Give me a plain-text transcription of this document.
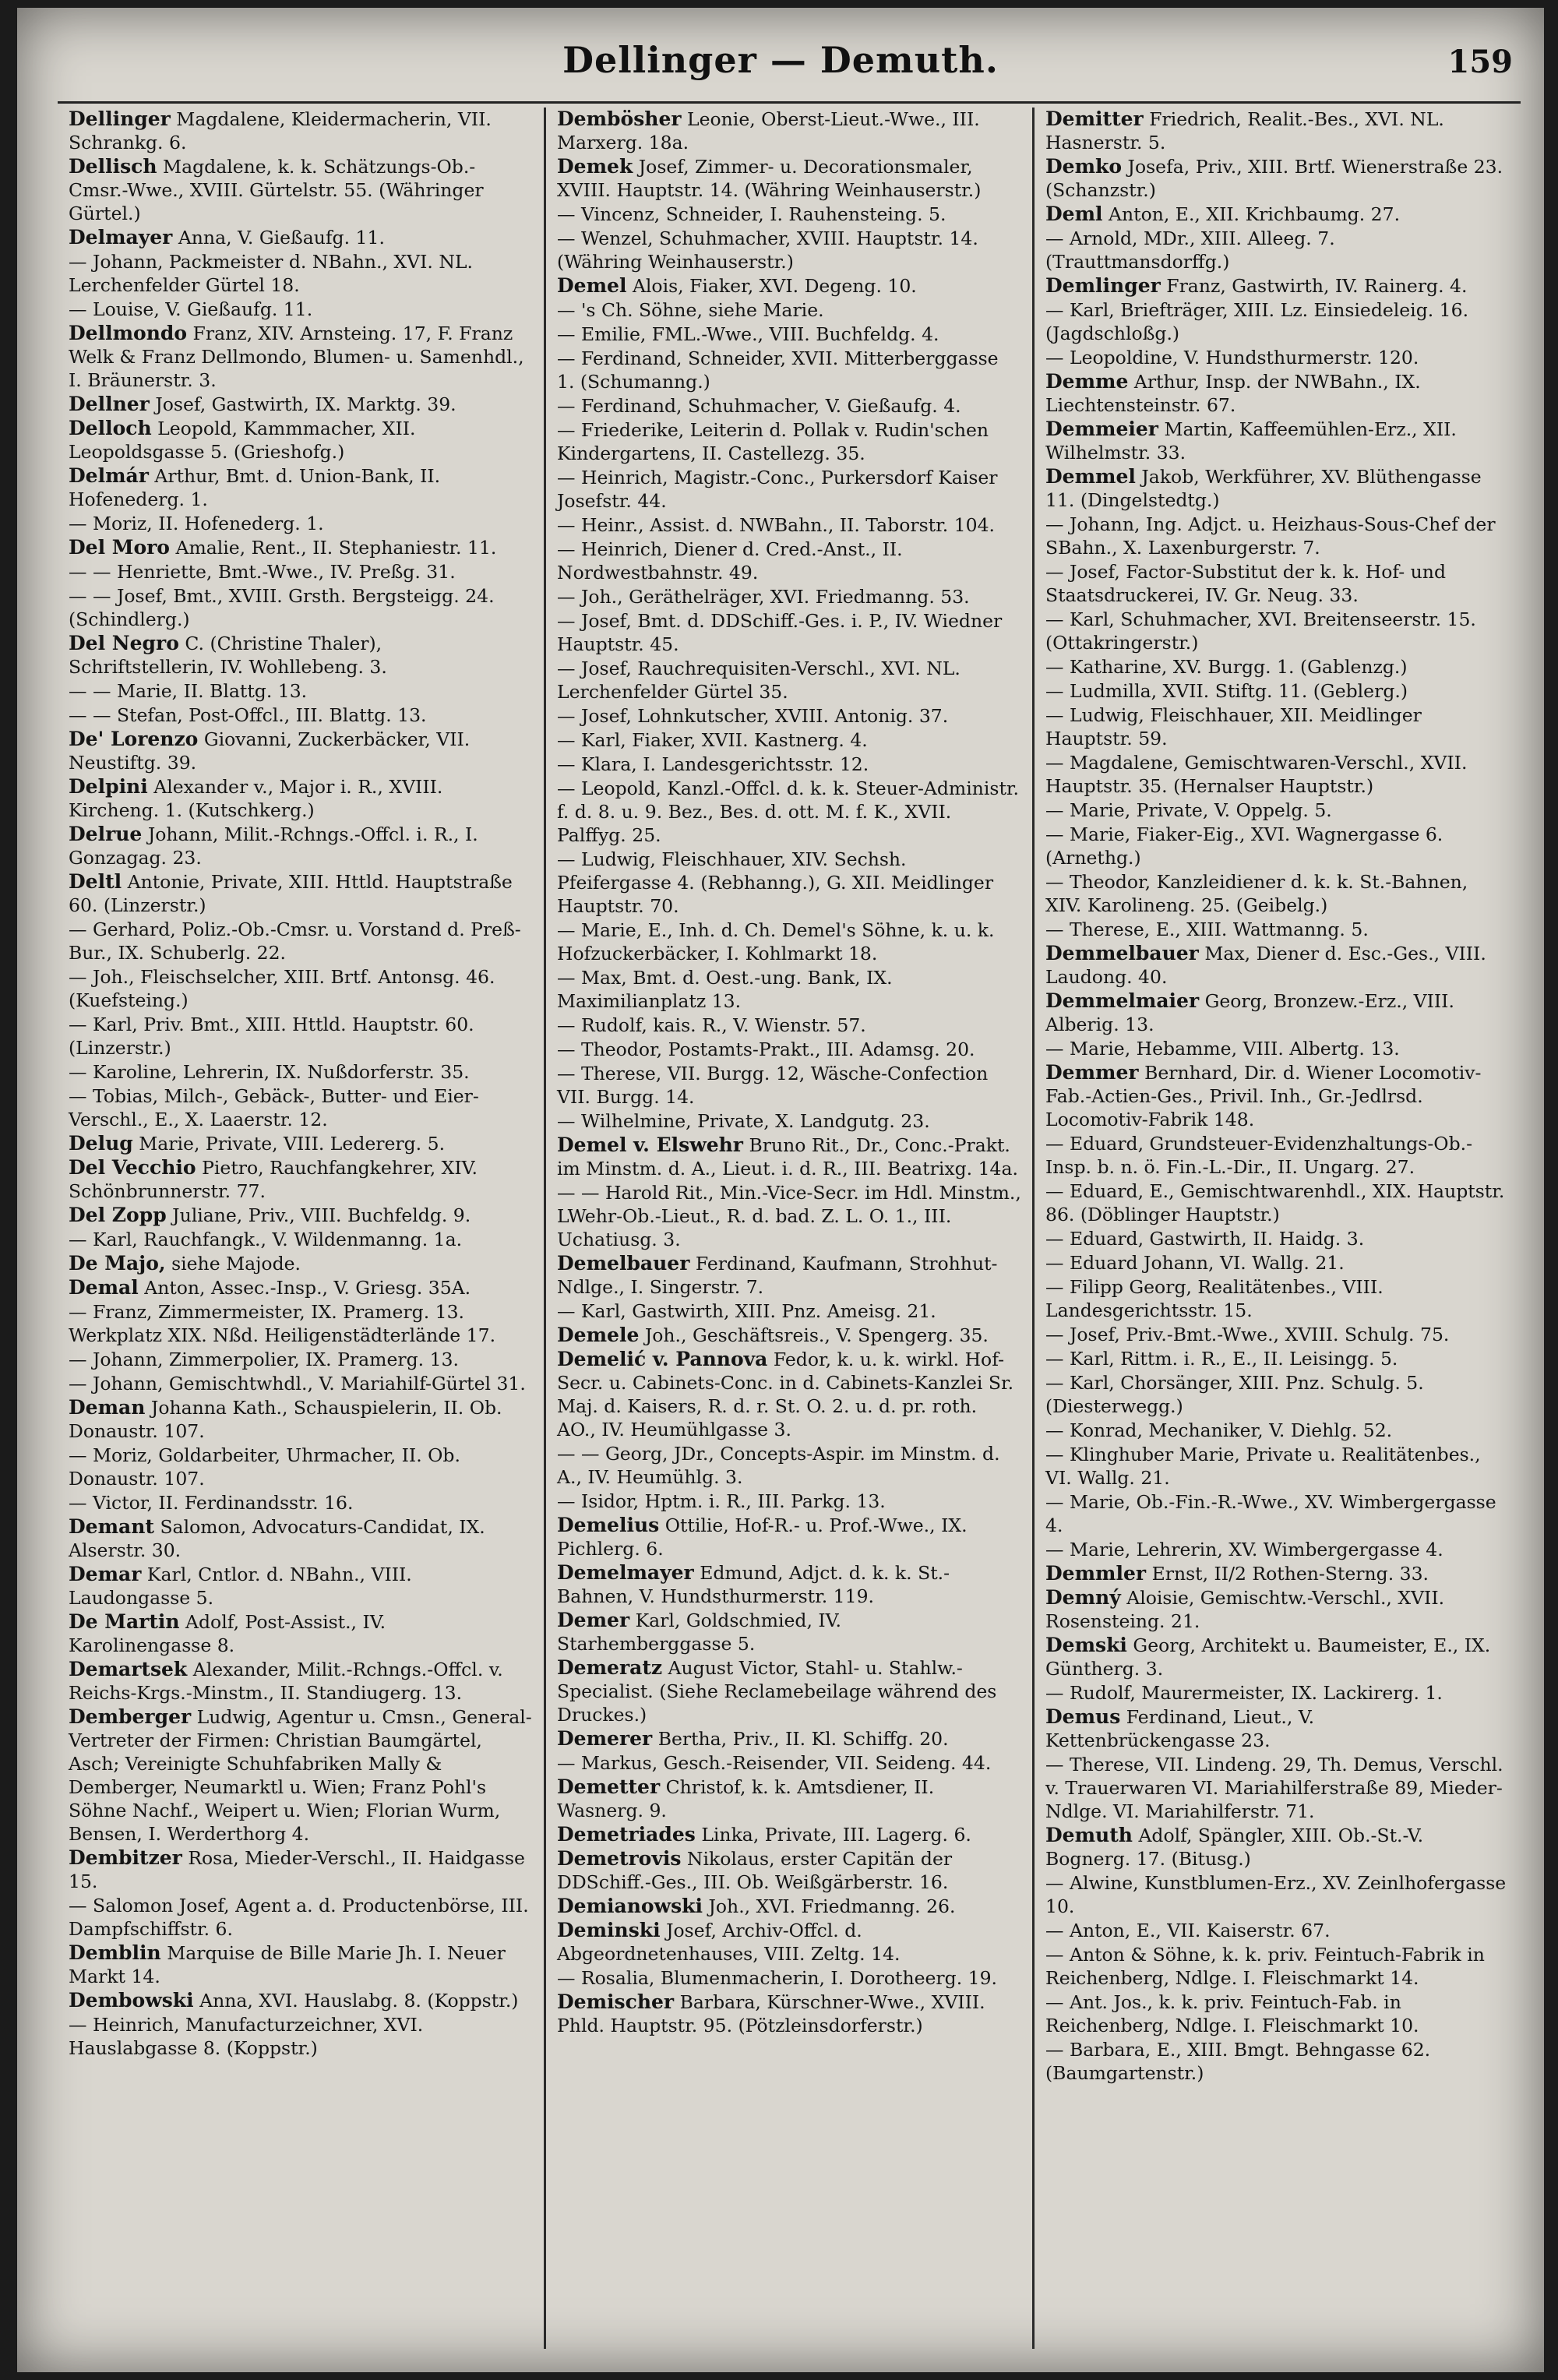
Dellinger — Demuth.	159
Dellinger Magdalene, Kleidermacherin, VII. Schrankg. 6.
Dellisch Magdalene, k. k. Schätzungs-Ob.-Cmsr.-Wwe., XVIII. Gürtelstr. 55. (Währinger Gürtel.)
Delmayer Anna, V. Gießaufg. 11.
— Johann, Packmeister d. NBahn., XVI. NL. Lerchenfelder Gürtel 18.
— Louise, V. Gießaufg. 11.
Dellmondo Franz, XIV. Arnsteing. 17, F. Franz Welk & Franz Dellmondo, Blumen- u. Samenhdl., I. Bräunerstr. 3.
Dellner Josef, Gastwirth, IX. Marktg. 39.
Delloch Leopold, Kammmacher, XII. Leopoldsgasse 5. (Grieshofg.)
Delmár Arthur, Bmt. d. Union-Bank, II. Hofenederg. 1.
— Moriz, II. Hofenederg. 1.
Del Moro Amalie, Rent., II. Stephaniestr. 11.
— — Henriette, Bmt.-Wwe., IV. Preßg. 31.
— — Josef, Bmt., XVIII. Grsth. Bergsteigg. 24. (Schindlerg.)
Del Negro C. (Christine Thaler), Schriftstellerin, IV. Wohllebeng. 3.
— — Marie, II. Blattg. 13.
— — Stefan, Post-Offcl., III. Blattg. 13.
De' Lorenzo Giovanni, Zuckerbäcker, VII. Neustiftg. 39.
Delpini Alexander v., Major i. R., XVIII. Kircheng. 1. (Kutschkerg.)
Delrue Johann, Milit.-Rchngs.-Offcl. i. R., I. Gonzagag. 23.
Deltl Antonie, Private, XIII. Httld. Hauptstraße 60. (Linzerstr.)
— Gerhard, Poliz.-Ob.-Cmsr. u. Vorstand d. Preß-Bur., IX. Schuberlg. 22.
— Joh., Fleischselcher, XIII. Brtf. Antonsg. 46. (Kuefsteing.)
— Karl, Priv. Bmt., XIII. Httld. Hauptstr. 60. (Linzerstr.)
— Karoline, Lehrerin, IX. Nußdorferstr. 35.
— Tobias, Milch-, Gebäck-, Butter- und Eier-Verschl., E., X. Laaerstr. 12.
Delug Marie, Private, VIII. Ledererg. 5.
Del Vecchio Pietro, Rauchfangkehrer, XIV. Schönbrunnerstr. 77.
Del Zopp Juliane, Priv., VIII. Buchfeldg. 9.
— Karl, Rauchfangk., V. Wildenmanng. 1a.
De Majo, siehe Majode.
Demal Anton, Assec.-Insp., V. Griesg. 35A.
— Franz, Zimmermeister, IX. Pramerg. 13. Werkplatz XIX. Nßd. Heiligenstädterlände 17.
— Johann, Zimmerpolier, IX. Pramerg. 13.
— Johann, Gemischtwhdl., V. Mariahilf-Gürtel 31.
Deman Johanna Kath., Schauspielerin, II. Ob. Donaustr. 107.
— Moriz, Goldarbeiter, Uhrmacher, II. Ob. Donaustr. 107.
— Victor, II. Ferdinandsstr. 16.
Demant Salomon, Advocaturs-Candidat, IX. Alserstr. 30.
Demar Karl, Cntlor. d. NBahn., VIII. Laudongasse 5.
De Martin Adolf, Post-Assist., IV. Karolinengasse 8.
Demartsek Alexander, Milit.-Rchngs.-Offcl. v. Reichs-Krgs.-Minstm., II. Standiugerg. 13.
Demberger Ludwig, Agentur u. Cmsn., General-Vertreter der Firmen: Christian Baumgärtel, Asch; Vereinigte Schuhfabriken Mally & Demberger, Neumarktl u. Wien; Franz Pohl's Söhne Nachf., Weipert u. Wien; Florian Wurm, Bensen, I. Werderthorg 4.
Dembitzer Rosa, Mieder-Verschl., II. Haidgasse 15.
— Salomon Josef, Agent a. d. Productenbörse, III. Dampfschiffstr. 6.
Demblin Marquise de Bille Marie Jh. I. Neuer Markt 14.
Dembowski Anna, XVI. Hauslabg. 8. (Koppstr.)
— Heinrich, Manufacturzeichner, XVI. Hauslabgasse 8. (Koppstr.)
Dembösher Leonie, Oberst-Lieut.-Wwe., III. Marxerg. 18a.
Demek Josef, Zimmer- u. Decorationsmaler, XVIII. Hauptstr. 14. (Währing Weinhauserstr.)
— Vincenz, Schneider, I. Rauhensteing. 5.
— Wenzel, Schuhmacher, XVIII. Hauptstr. 14. (Währing Weinhauserstr.)
Demel Alois, Fiaker, XVI. Degeng. 10.
— 's Ch. Söhne, siehe Marie.
— Emilie, FML.-Wwe., VIII. Buchfeldg. 4.
— Ferdinand, Schneider, XVII. Mitterberggasse 1. (Schumanng.)
— Ferdinand, Schuhmacher, V. Gießaufg. 4.
— Friederike, Leiterin d. Pollak v. Rudin'schen Kindergartens, II. Castellezg. 35.
— Heinrich, Magistr.-Conc., Purkersdorf Kaiser Josefstr. 44.
— Heinr., Assist. d. NWBahn., II. Taborstr. 104.
— Heinrich, Diener d. Cred.-Anst., II. Nordwestbahnstr. 49.
— Joh., Geräthelräger, XVI. Friedmanng. 53.
— Josef, Bmt. d. DDSchiff.-Ges. i. P., IV. Wiedner Hauptstr. 45.
— Josef, Rauchrequisiten-Verschl., XVI. NL. Lerchenfelder Gürtel 35.
— Josef, Lohnkutscher, XVIII. Antonig. 37.
— Karl, Fiaker, XVII. Kastnerg. 4.
— Klara, I. Landesgerichtsstr. 12.
— Leopold, Kanzl.-Offcl. d. k. k. Steuer-Administr. f. d. 8. u. 9. Bez., Bes. d. ott. M. f. K., XVII. Palffyg. 25.
— Ludwig, Fleischhauer, XIV. Sechsh. Pfeifergasse 4. (Rebhanng.), G. XII. Meidlinger Hauptstr. 70.
— Marie, E., Inh. d. Ch. Demel's Söhne, k. u. k. Hofzuckerbäcker, I. Kohlmarkt 18.
— Max, Bmt. d. Oest.-ung. Bank, IX. Maximilianplatz 13.
— Rudolf, kais. R., V. Wienstr. 57.
— Theodor, Postamts-Prakt., III. Adamsg. 20.
— Therese, VII. Burgg. 12, Wäsche-Confection VII. Burgg. 14.
— Wilhelmine, Private, X. Landgutg. 23.
Demel v. Elswehr Bruno Rit., Dr., Conc.-Prakt. im Minstm. d. A., Lieut. i. d. R., III. Beatrixg. 14a.
— — Harold Rit., Min.-Vice-Secr. im Hdl. Minstm., LWehr-Ob.-Lieut., R. d. bad. Z. L. O. 1., III. Uchatiusg. 3.
Demelbauer Ferdinand, Kaufmann, Strohhut-Ndlge., I. Singerstr. 7.
— Karl, Gastwirth, XIII. Pnz. Ameisg. 21.
Demele Joh., Geschäftsreis., V. Spengerg. 35.
Demelić v. Pannova Fedor, k. u. k. wirkl. Hof-Secr. u. Cabinets-Conc. in d. Cabinets-Kanzlei Sr. Maj. d. Kaisers, R. d. r. St. O. 2. u. d. pr. roth. AO., IV. Heumühlgasse 3.
— — Georg, JDr., Concepts-Aspir. im Minstm. d. A., IV. Heumühlg. 3.
— Isidor, Hptm. i. R., III. Parkg. 13.
Demelius Ottilie, Hof-R.- u. Prof.-Wwe., IX. Pichlerg. 6.
Demelmayer Edmund, Adjct. d. k. k. St.-Bahnen, V. Hundsthurmerstr. 119.
Demer Karl, Goldschmied, IV. Starhemberggasse 5.
Demeratz August Victor, Stahl- u. Stahlw.-Specialist. (Siehe Reclamebeilage während des Druckes.)
Demerer Bertha, Priv., II. Kl. Schiffg. 20.
— Markus, Gesch.-Reisender, VII. Seideng. 44.
Demetter Christof, k. k. Amtsdiener, II. Wasnerg. 9.
Demetriades Linka, Private, III. Lagerg. 6.
Demetrovis Nikolaus, erster Capitän der DDSchiff.-Ges., III. Ob. Weißgärberstr. 16.
Demianowski Joh., XVI. Friedmanng. 26.
Deminski Josef, Archiv-Offcl. d. Abgeordnetenhauses, VIII. Zeltg. 14.
— Rosalia, Blumenmacherin, I. Dorotheerg. 19.
Demischer Barbara, Kürschner-Wwe., XVIII. Phld. Hauptstr. 95. (Pötzleinsdorferstr.)
Demitter Friedrich, Realit.-Bes., XVI. NL. Hasnerstr. 5.
Demko Josefa, Priv., XIII. Brtf. Wienerstraße 23. (Schanzstr.)
Deml Anton, E., XII. Krichbaumg. 27.
— Arnold, MDr., XIII. Alleeg. 7. (Trauttmansdorffg.)
Demlinger Franz, Gastwirth, IV. Rainerg. 4.
— Karl, Briefträger, XIII. Lz. Einsiedeleig. 16. (Jagdschloßg.)
— Leopoldine, V. Hundsthurmerstr. 120.
Demme Arthur, Insp. der NWBahn., IX. Liechtensteinstr. 67.
Demmeier Martin, Kaffeemühlen-Erz., XII. Wilhelmstr. 33.
Demmel Jakob, Werkführer, XV. Blüthengasse 11. (Dingelstedtg.)
— Johann, Ing. Adjct. u. Heizhaus-Sous-Chef der SBahn., X. Laxenburgerstr. 7.
— Josef, Factor-Substitut der k. k. Hof- und Staatsdruckerei, IV. Gr. Neug. 33.
— Karl, Schuhmacher, XVI. Breitenseerstr. 15. (Ottakringerstr.)
— Katharine, XV. Burgg. 1. (Gablenzg.)
— Ludmilla, XVII. Stiftg. 11. (Geblerg.)
— Ludwig, Fleischhauer, XII. Meidlinger Hauptstr. 59.
— Magdalene, Gemischtwaren-Verschl., XVII. Hauptstr. 35. (Hernalser Hauptstr.)
— Marie, Private, V. Oppelg. 5.
— Marie, Fiaker-Eig., XVI. Wagnergasse 6. (Arnethg.)
— Theodor, Kanzleidiener d. k. k. St.-Bahnen, XIV. Karolineng. 25. (Geibelg.)
— Therese, E., XIII. Wattmanng. 5.
Demmelbauer Max, Diener d. Esc.-Ges., VIII. Laudong. 40.
Demmelmaier Georg, Bronzew.-Erz., VIII. Alberig. 13.
— Marie, Hebamme, VIII. Albertg. 13.
Demmer Bernhard, Dir. d. Wiener Locomotiv-Fab.-Actien-Ges., Privil. Inh., Gr.-Jedlrsd. Locomotiv-Fabrik 148.
— Eduard, Grundsteuer-Evidenzhaltungs-Ob.-Insp. b. n. ö. Fin.-L.-Dir., II. Ungarg. 27.
— Eduard, E., Gemischtwarenhdl., XIX. Hauptstr. 86. (Döblinger Hauptstr.)
— Eduard, Gastwirth, II. Haidg. 3.
— Eduard Johann, VI. Wallg. 21.
— Filipp Georg, Realitätenbes., VIII. Landesgerichtsstr. 15.
— Josef, Priv.-Bmt.-Wwe., XVIII. Schulg. 75.
— Karl, Rittm. i. R., E., II. Leisingg. 5.
— Karl, Chorsänger, XIII. Pnz. Schulg. 5. (Diesterwegg.)
— Konrad, Mechaniker, V. Diehlg. 52.
— Klinghuber Marie, Private u. Realitätenbes., VI. Wallg. 21.
— Marie, Ob.-Fin.-R.-Wwe., XV. Wimbergergasse 4.
— Marie, Lehrerin, XV. Wimbergergasse 4.
Demmler Ernst, II/2 Rothen-Sterng. 33.
Demný Aloisie, Gemischtw.-Verschl., XVII. Rosensteing. 21.
Demski Georg, Architekt u. Baumeister, E., IX. Güntherg. 3.
— Rudolf, Maurermeister, IX. Lackirerg. 1.
Demus Ferdinand, Lieut., V. Kettenbrückengasse 23.
— Therese, VII. Lindeng. 29, Th. Demus, Verschl. v. Trauerwaren VI. Mariahilferstraße 89, Mieder-Ndlge. VI. Mariahilferstr. 71.
Demuth Adolf, Spängler, XIII. Ob.-St.-V. Bognerg. 17. (Bitusg.)
— Alwine, Kunstblumen-Erz., XV. Zeinlhofergasse 10.
— Anton, E., VII. Kaiserstr. 67.
— Anton & Söhne, k. k. priv. Feintuch-Fabrik in Reichenberg, Ndlge. I. Fleischmarkt 14.
— Ant. Jos., k. k. priv. Feintuch-Fab. in Reichenberg, Ndlge. I. Fleischmarkt 10.
— Barbara, E., XIII. Bmgt. Behngasse 62. (Baumgartenstr.)
